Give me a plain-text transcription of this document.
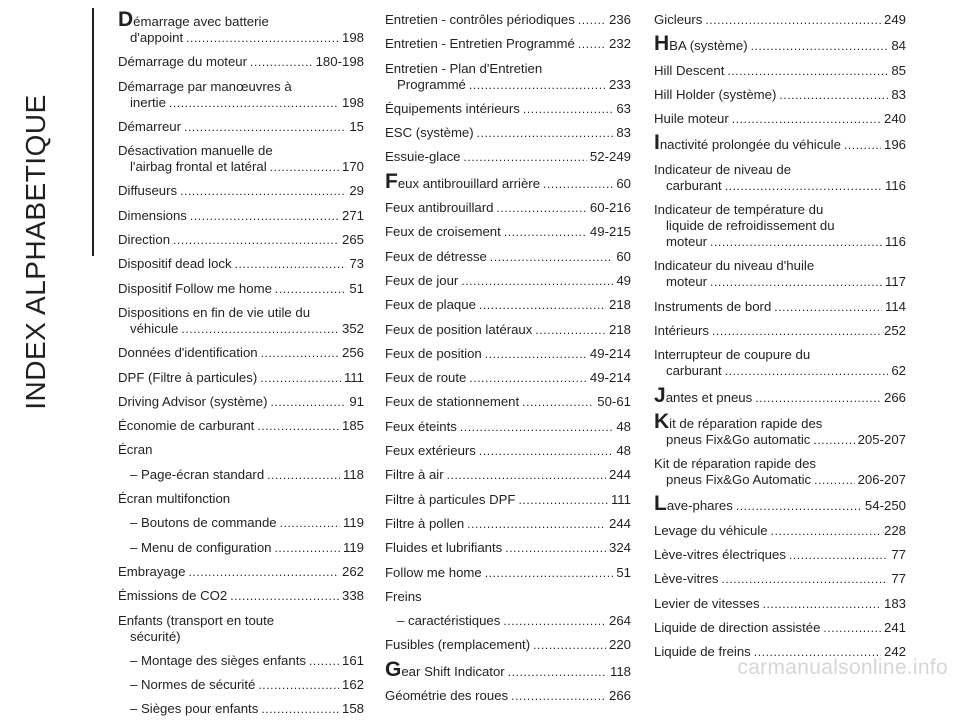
INDEX ALPHABETIQUE
Démarrage avec batterie
d'appoint .....	198
Démarrage du moteur .....	180-198
Démarrage par manœuvres à
inertie .....	198
Démarreur .....	15
Désactivation manuelle de
l'airbag frontal et latéral .....	170
Diffuseurs .....	29
Dimensions .....	271
Direction .....	265
Dispositif dead lock .....	73
Dispositif Follow me home .....	51
Dispositions en fin de vie utile du
véhicule .....	352
Données d'identification .....	256
DPF (Filtre à particules) .....	111
Driving Advisor (système) .....	91
Économie de carburant .....	185
Écran
– Page-écran standard .....	118
Écran multifonction
– Boutons de commande .....	119
– Menu de configuration .....	119
Embrayage .....	262
Émissions de CO2 .....	338
Enfants (transport en toute
sécurité)
– Montage des sièges enfants .....	161
– Normes de sécurité .....	162
– Sièges pour enfants .....	158
Entretien - contrôles périodiques .....	236
Entretien - Entretien Programmé .....	232
Entretien - Plan d'Entretien
Programmé .....	233
Équipements intérieurs .....	63
ESC (système) .....	83
Essuie-glace .....	52-249
Feux antibrouillard arrière .....	60
Feux antibrouillard .....	60-216
Feux de croisement .....	49-215
Feux de détresse .....	60
Feux de jour .....	49
Feux de plaque .....	218
Feux de position latéraux .....	218
Feux de position .....	49-214
Feux de route .....	49-214
Feux de stationnement .....	50-61
Feux éteints .....	48
Feux extérieurs .....	48
Filtre à air .....	244
Filtre à particules DPF .....	111
Filtre à pollen .....	244
Fluides et lubrifiants .....	324
Follow me home .....	51
Freins
– caractéristiques .....	264
Fusibles (remplacement) .....	220
Gear Shift Indicator .....	118
Géométrie des roues .....	266
Gicleurs .....	249
HBA (système) .....	84
Hill Descent .....	85
Hill Holder (système) .....	83
Huile moteur .....	240
Inactivité prolongée du véhicule .....	196
Indicateur de niveau de
carburant .....	116
Indicateur de température du
liquide de refroidissement du
moteur .....	116
Indicateur du niveau d'huile
moteur .....	117
Instruments de bord .....	114
Intérieurs .....	252
Interrupteur de coupure du
carburant .....	62
Jantes et pneus .....	266
Kit de réparation rapide des
pneus Fix&Go automatic .....	205-207
Kit de réparation rapide des
pneus Fix&Go Automatic .....	206-207
Lave-phares .....	54-250
Levage du véhicule .....	228
Lève-vitres électriques .....	77
Lève-vitres .....	77
Levier de vitesses .....	183
Liquide de direction assistée .....	241
Liquide de freins .....	242
carmanualsonline.info
